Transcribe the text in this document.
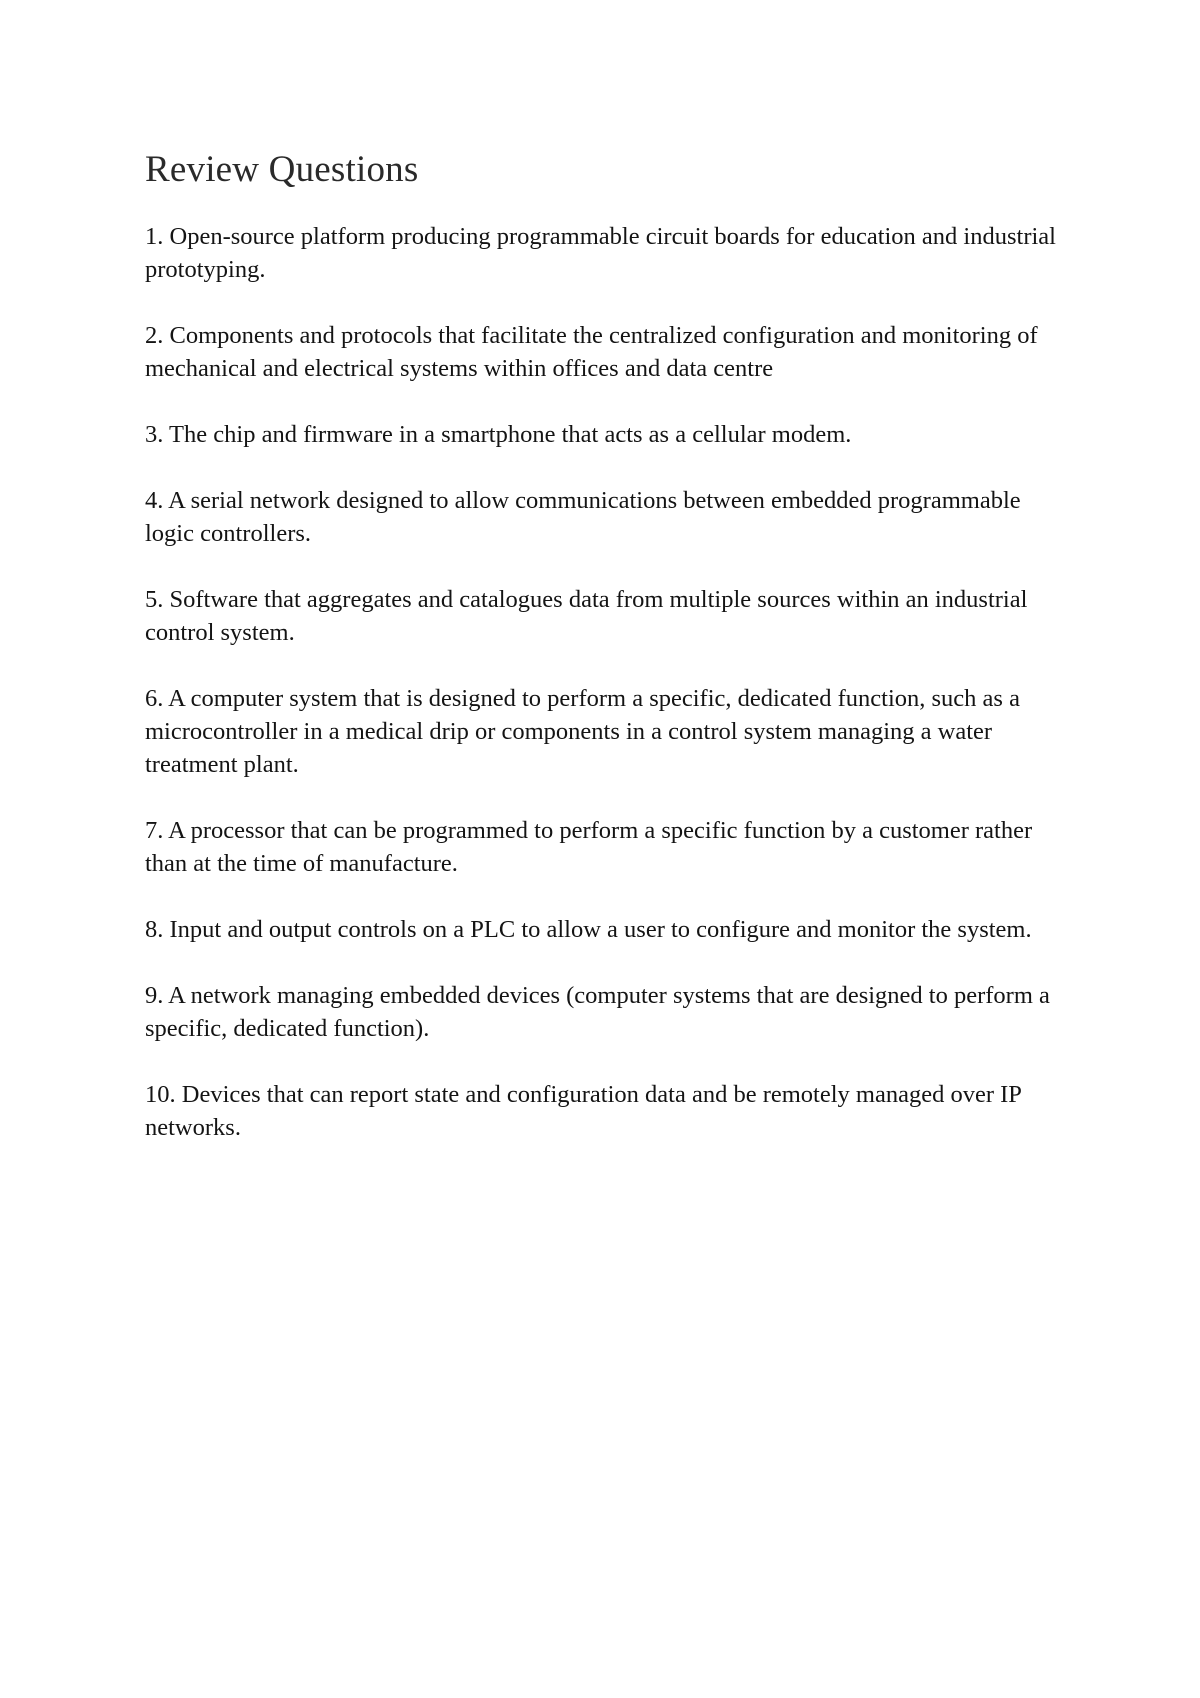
Review Questions
1. Open-source platform producing programmable circuit boards for education and industrial prototyping.
2. Components and protocols that facilitate the centralized configuration and monitoring of mechanical and electrical systems within offices and data centre
3. The chip and firmware in a smartphone that acts as a cellular modem.
4. A serial network designed to allow communications between embedded programmable logic controllers.
5. Software that aggregates and catalogues data from multiple sources within an industrial control system.
6. A computer system that is designed to perform a specific, dedicated function, such as a microcontroller in a medical drip or components in a control system managing a water treatment plant.
7. A processor that can be programmed to perform a specific function by a customer rather than at the time of manufacture.
8. Input and output controls on a PLC to allow a user to configure and monitor the system.
9. A network managing embedded devices (computer systems that are designed to perform a specific, dedicated function).
10. Devices that can report state and configuration data and be remotely managed over IP networks.
